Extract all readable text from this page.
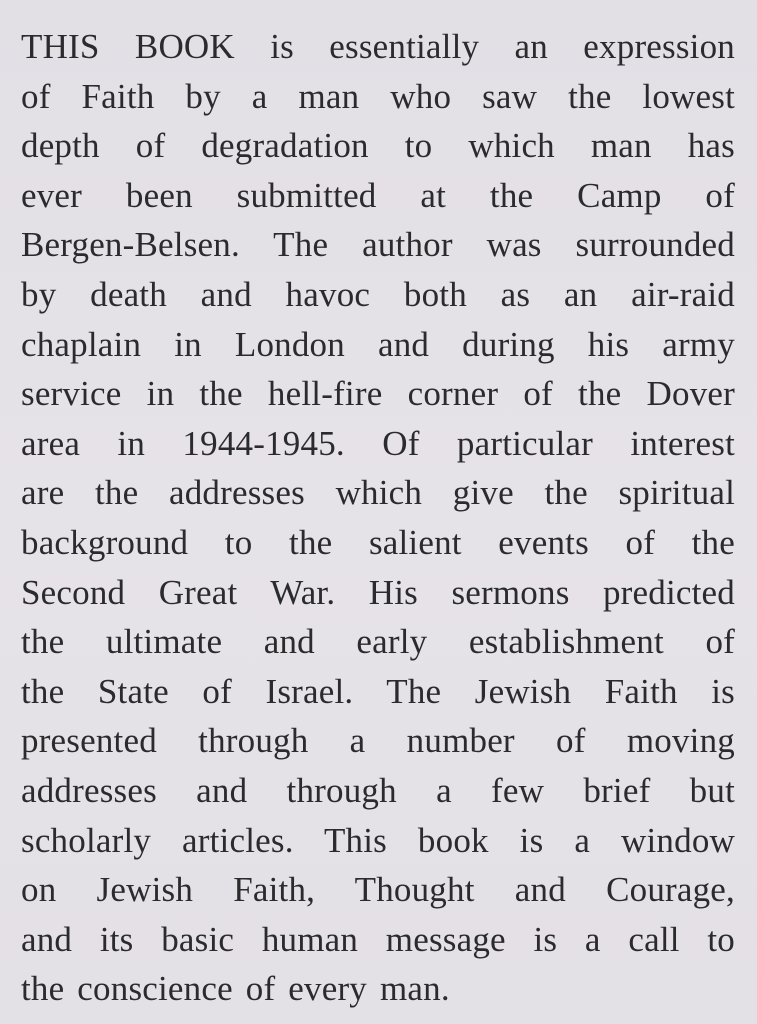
THIS BOOK is essentially an expression
of Faith by a man who saw the lowest
depth of degradation to which man has
ever been submitted at the Camp of
Bergen-Belsen. The author was surrounded
by death and havoc both as an air-raid
chaplain in London and during his army
service in the hell-fire corner of the Dover
area in 1944-1945. Of particular interest
are the addresses which give the spiritual
background to the salient events of the
Second Great War. His sermons predicted
the ultimate and early establishment of
the State of Israel. The Jewish Faith is
presented through a number of moving
addresses and through a few brief but
scholarly articles. This book is a window
on Jewish Faith, Thought and Courage,
and its basic human message is a call to
the conscience of every man.
